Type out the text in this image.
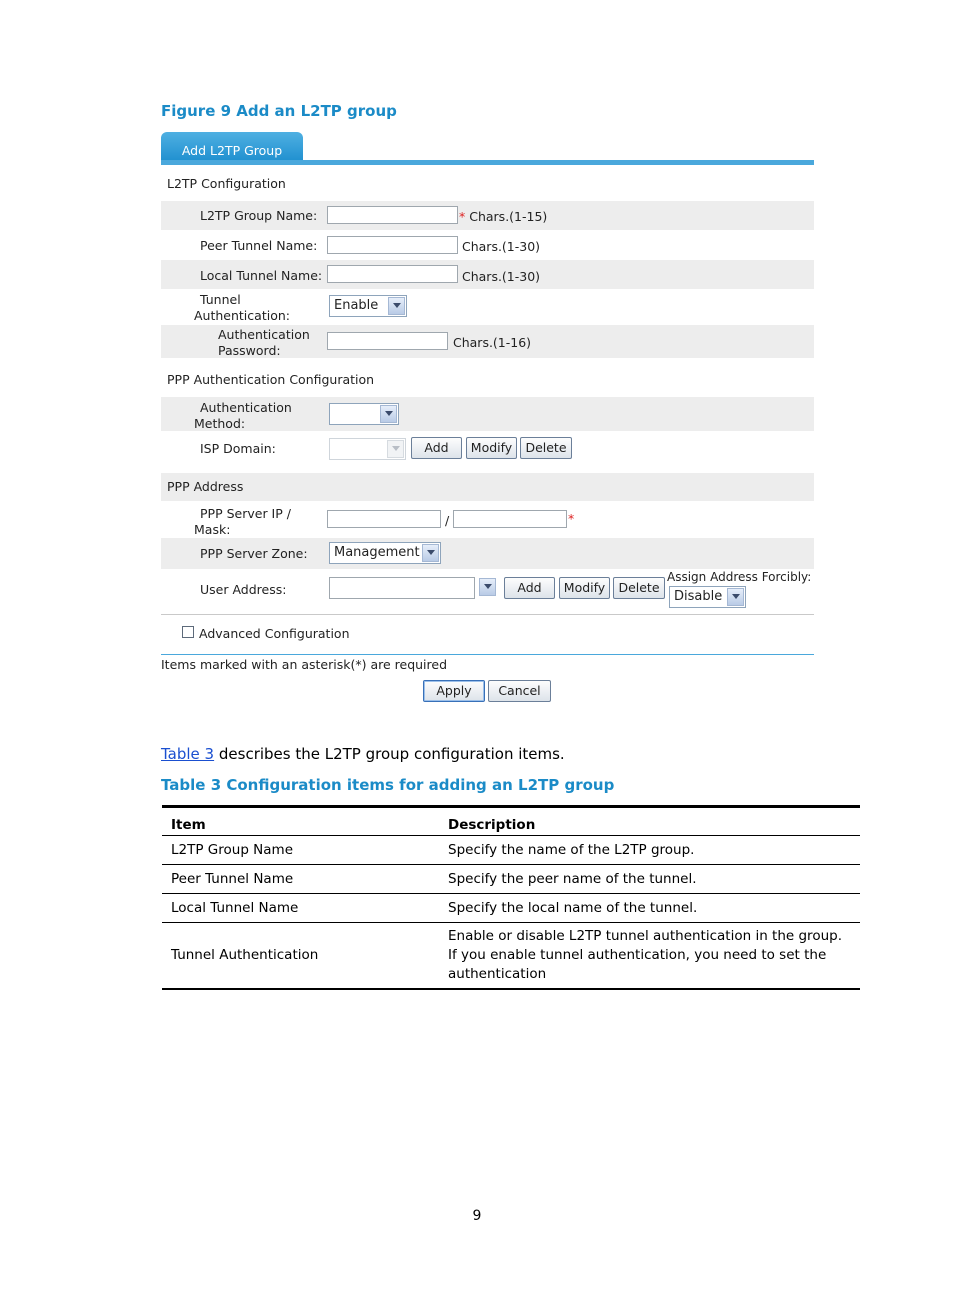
Figure 9 Add an L2TP group
Add L2TP Group
L2TP Configuration
L2TP Group Name:	* Chars.(1-15)
Peer Tunnel Name:	Chars.(1-30)
Local Tunnel Name:	Chars.(1-30)
Tunnel
Authentication:
Enable
Authentication
Password:
Chars.(1-16)
PPP Authentication Configuration
Authentication
Method:
ISP Domain:	Add	Modify	Delete
PPP Address
PPP Server IP /
Mask:
/	*
PPP Server Zone:	Management
User Address:	Add	Modify	Delete
Assign Address Forcibly:
Disable
Advanced Configuration
Items marked with an asterisk(*) are required
Apply	Cancel
Table 3 describes the L2TP group configuration items.
Table 3 Configuration items for adding an L2TP group
Item	Description
L2TP Group Name	Specify the name of the L2TP group.
Peer Tunnel Name	Specify the peer name of the tunnel.
Local Tunnel Name	Specify the local name of the tunnel.
Tunnel Authentication	Enable or disable L2TP tunnel authentication in the group. If you enable tunnel authentication, you need to set the authentication
9
